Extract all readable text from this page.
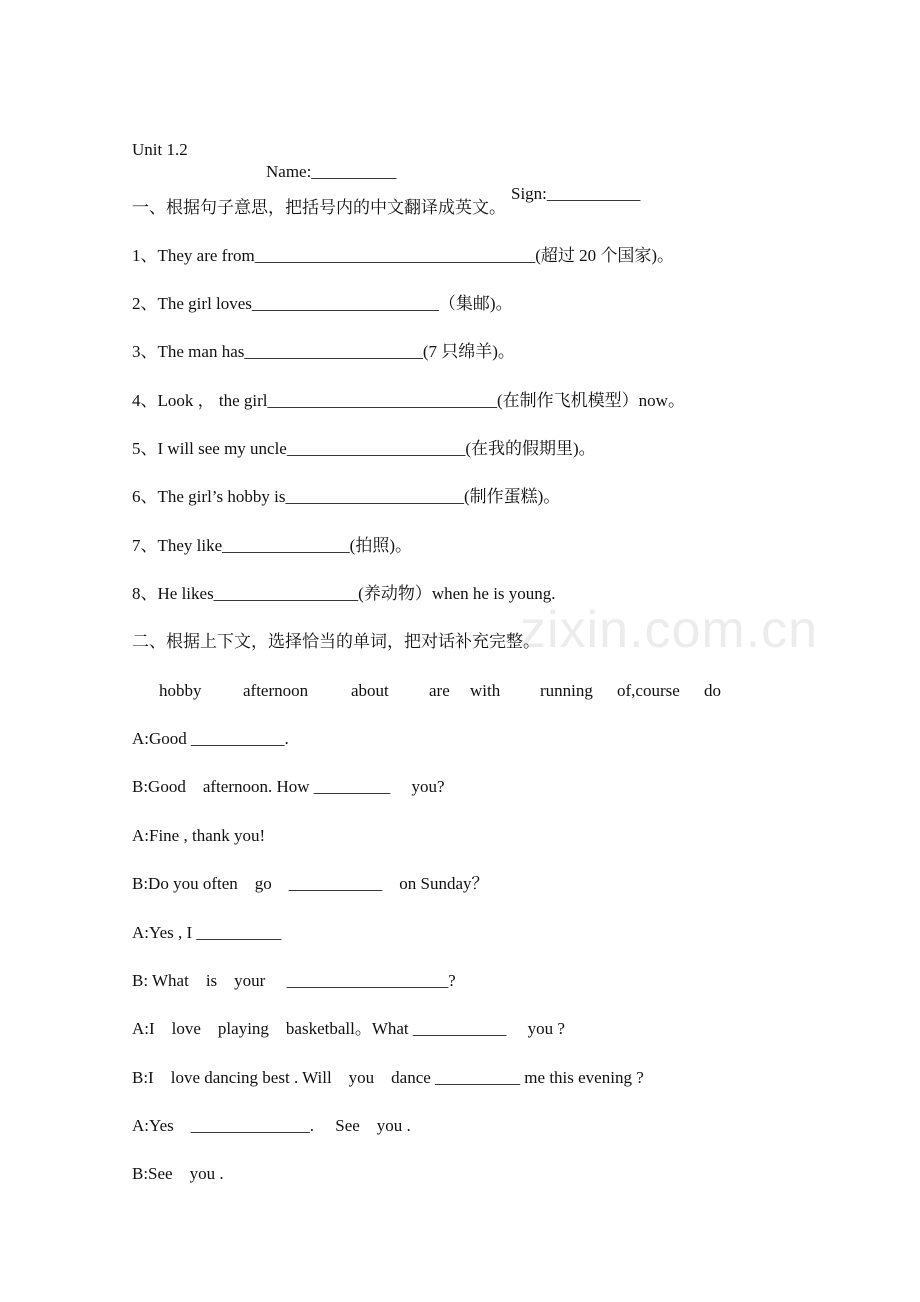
Unit 1.2

Name:__________

Sign:___________

一、根据句子意思，把括号内的中文翻译成英文。
1、They are from_________________________________(超过 20 个国家)。
2、The girl loves______________________（集邮)。
3、The man has_____________________(7 只绵羊)。
4、Look ， the girl___________________________(在制作飞机模型）now。
5、I will see my uncle_____________________(在我的假期里)。
6、The girl’s hobby is_____________________(制作蛋糕)。
7、They like_______________(拍照)。
8、He likes_________________(养动物）when he is young.
二、根据上下文，选择恰当的单词，把对话补充完整。
hobby afternoon	about are with running of,course do
A:Good ___________.
B:Good    afternoon. How _________     you?
A:Fine , thank you!
B:Do you often    go    ___________    on Sunday？
A:Yes , I __________
B: What    is    your     ___________________?
A:I    love    playing    basketball。What ___________     you ?
B:I    love dancing best . Will    you    dance __________ me this evening ?
A:Yes    ______________.     See    you .
B:See    you .
zixin.com.cn
